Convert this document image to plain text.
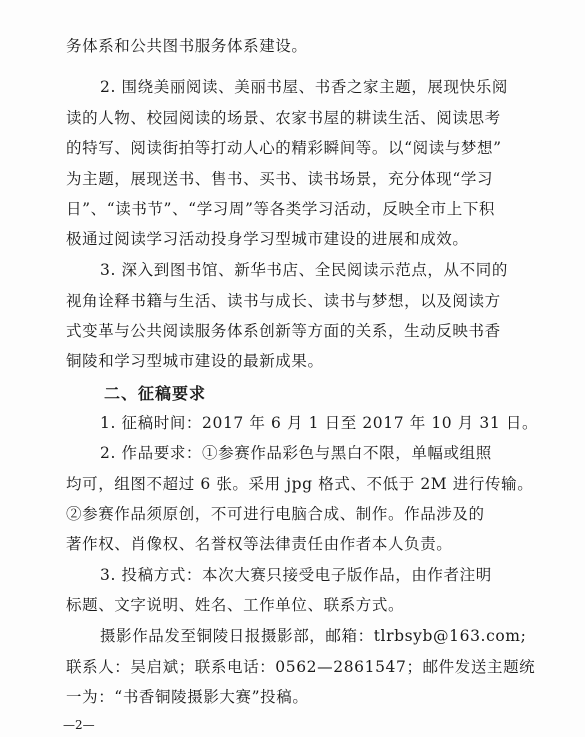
务体系和公共图书服务体系建设。
2. 围绕美丽阅读、美丽书屋、书香之家主题，展现快乐阅
读的人物、校园阅读的场景、农家书屋的耕读生活、阅读思考
的特写、阅读街拍等打动人心的精彩瞬间等。以“阅读与梦想”
为主题，展现送书、售书、买书、读书场景，充分体现“学习
日”、“读书节”、“学习周”等各类学习活动，反映全市上下积
极通过阅读学习活动投身学习型城市建设的进展和成效。
3. 深入到图书馆、新华书店、全民阅读示范点，从不同的
视角诠释书籍与生活、读书与成长、读书与梦想，以及阅读方
式变革与公共阅读服务体系创新等方面的关系，生动反映书香
铜陵和学习型城市建设的最新成果。
二、征稿要求
1. 征稿时间：2017 年 6 月 1 日至 2017 年 10 月 31 日。
2. 作品要求：①参赛作品彩色与黑白不限，单幅或组照
均可，组图不超过 6 张。采用 jpg 格式、不低于 2M 进行传输。
②参赛作品须原创，不可进行电脑合成、制作。作品涉及的
著作权、肖像权、名誉权等法律责任由作者本人负责。
3. 投稿方式：本次大赛只接受电子版作品，由作者注明
标题、文字说明、姓名、工作单位、联系方式。
摄影作品发至铜陵日报摄影部，邮箱：tlrbsyb@163.com;
联系人：吴启斌；联系电话：0562—2861547；邮件发送主题统
一为：“书香铜陵摄影大赛”投稿。
—2—
